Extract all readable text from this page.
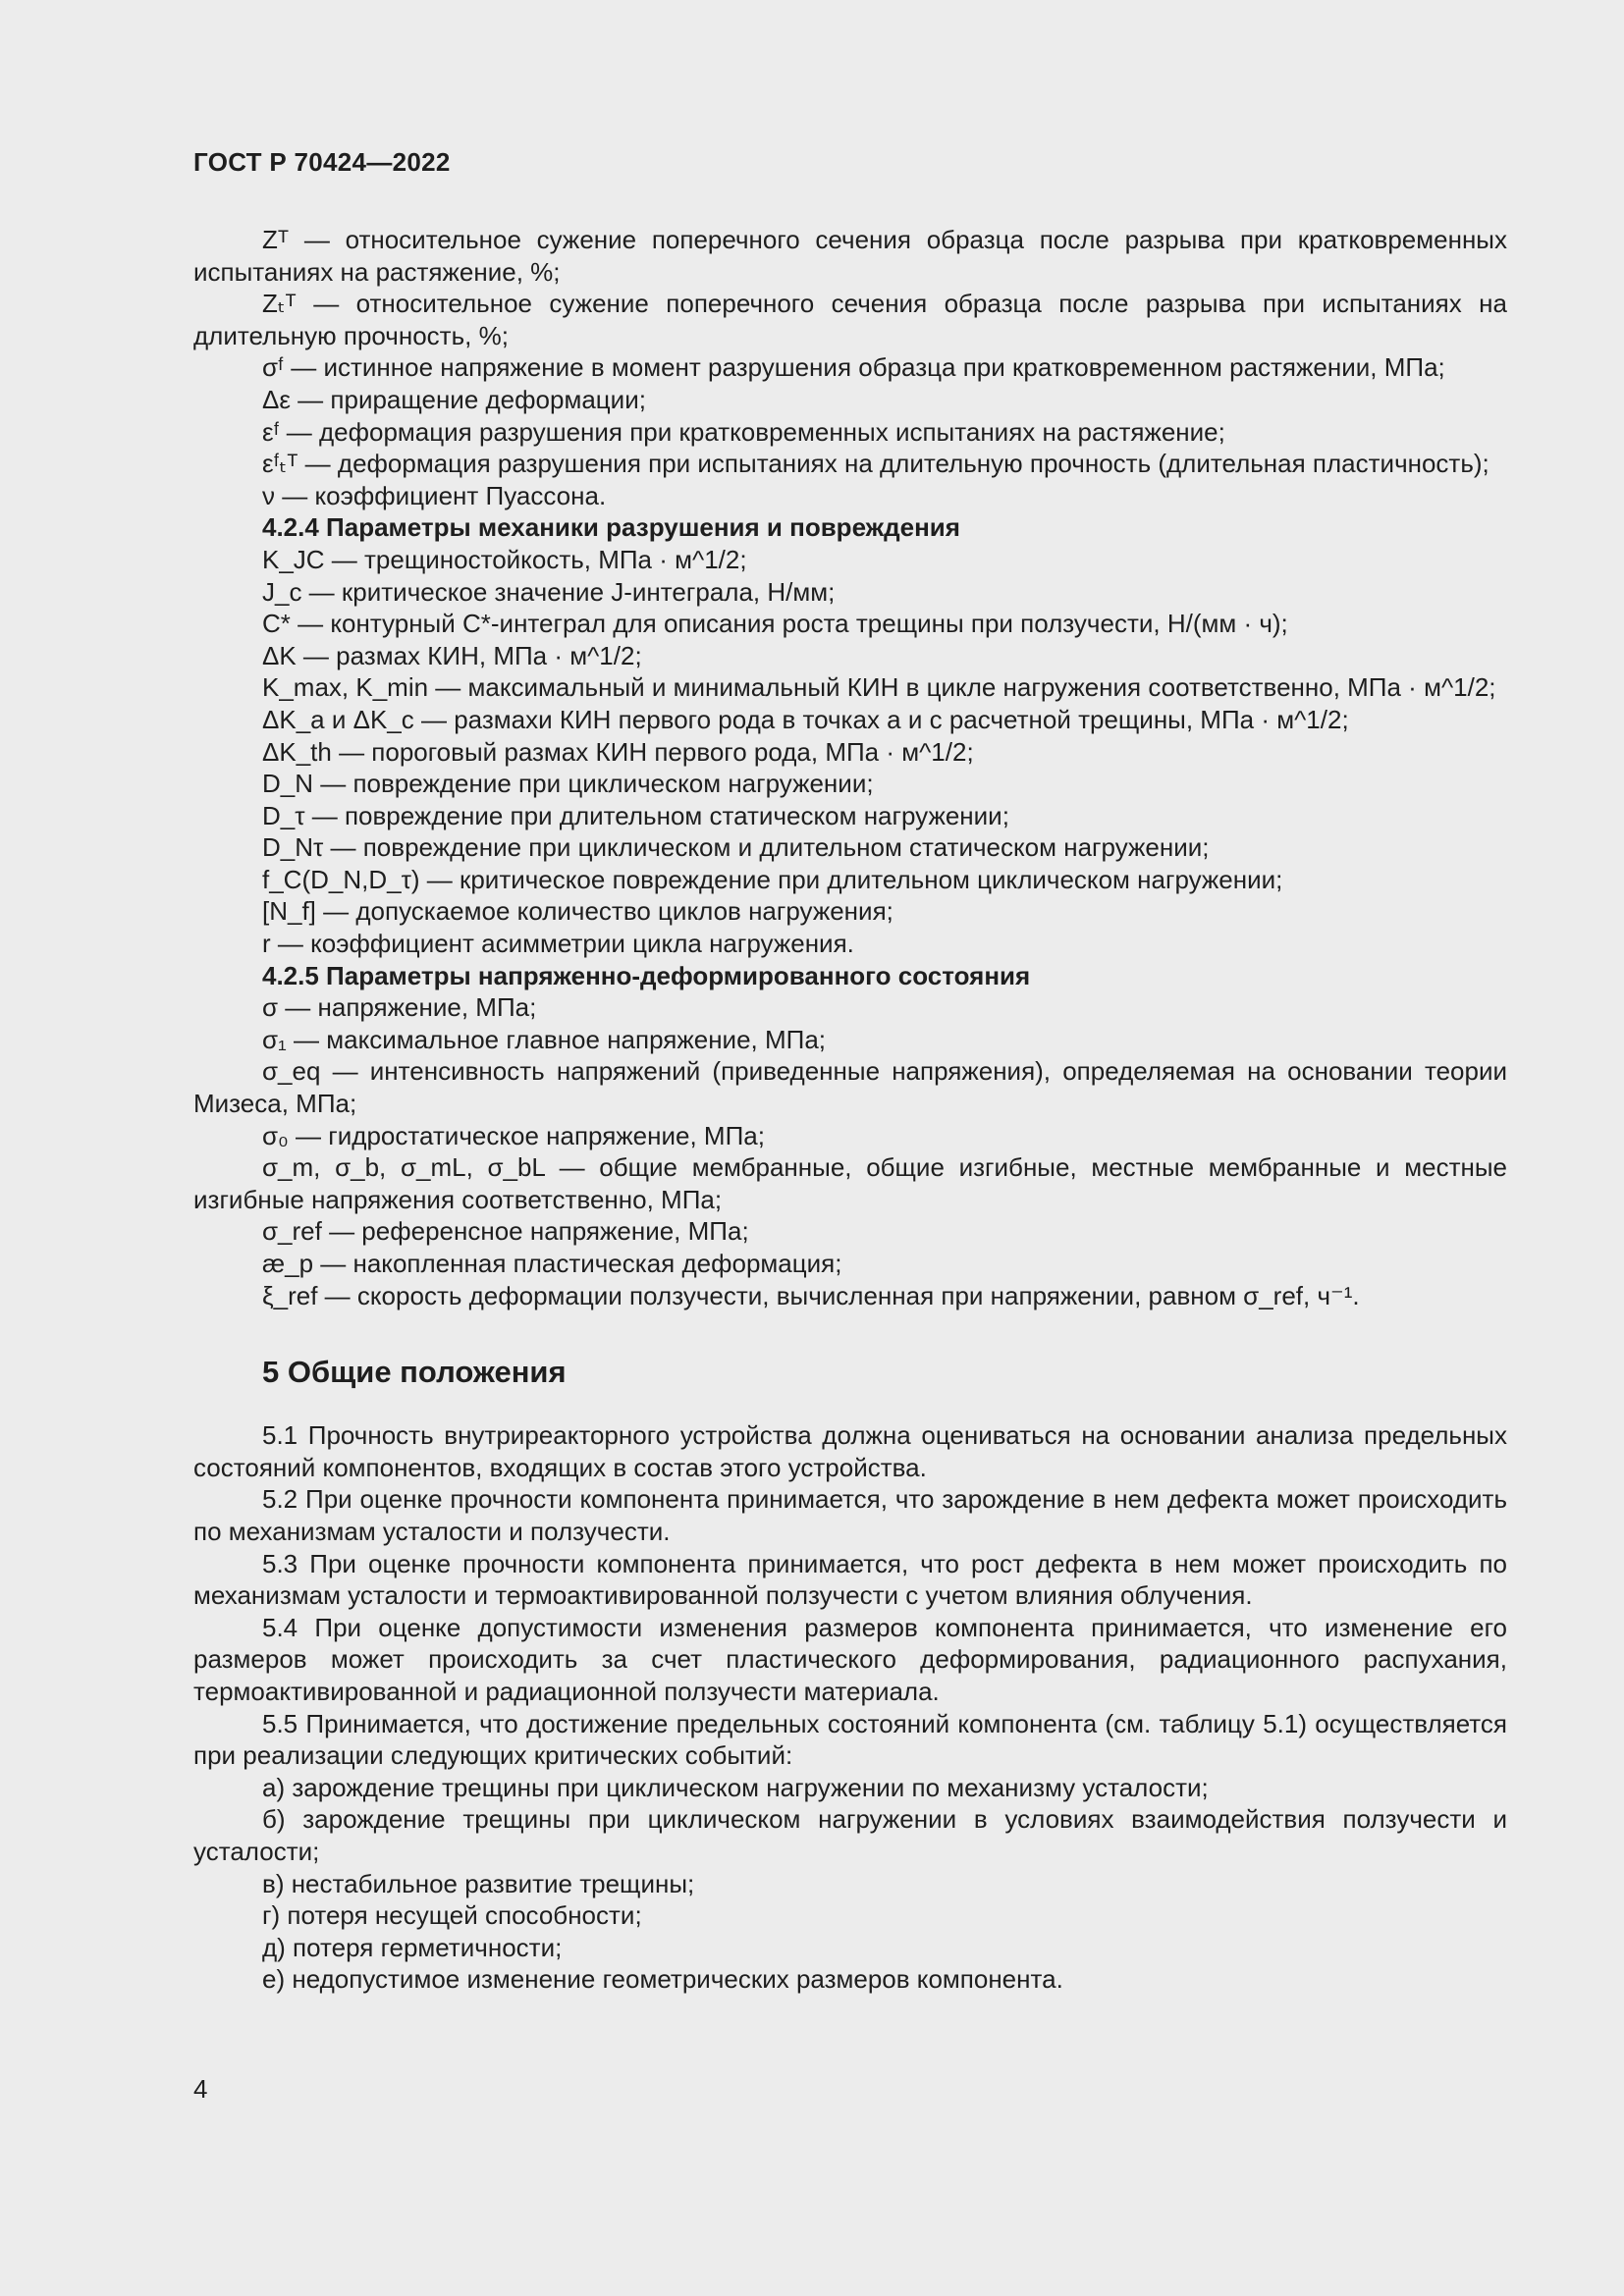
ГОСТ Р 70424—2022

Zᵀ — относительное сужение поперечного сечения образца после разрыва при кратковременных испытаниях на растяжение, %;

Zₜᵀ — относительное сужение поперечного сечения образца после разрыва при испытаниях на длительную прочность, %;

σᶠ — истинное напряжение в момент разрушения образца при кратковременном растяжении, МПа;

Δε — приращение деформации;

εᶠ — деформация разрушения при кратковременных испытаниях на растяжение;

εᶠₜᵀ — деформация разрушения при испытаниях на длительную прочность (длительная пластичность);

ν — коэффициент Пуассона.

4.2.4 Параметры механики разрушения и повреждения

K_JC — трещиностойкость, МПа · м^1/2;

J_c — критическое значение J-интеграла, Н/мм;

C* — контурный C*-интеграл для описания роста трещины при ползучести, Н/(мм · ч);

ΔK — размах КИН, МПа · м^1/2;

K_max, K_min — максимальный и минимальный КИН в цикле нагружения соответственно, МПа · м^1/2;

ΔK_a и ΔK_c — размахи КИН первого рода в точках a и c расчетной трещины, МПа · м^1/2;

ΔK_th — пороговый размах КИН первого рода, МПа · м^1/2;

D_N — повреждение при циклическом нагружении;

D_τ — повреждение при длительном статическом нагружении;

D_Nτ — повреждение при циклическом и длительном статическом нагружении;

f_C(D_N,D_τ) — критическое повреждение при длительном циклическом нагружении;

[N_f] — допускаемое количество циклов нагружения;

r — коэффициент асимметрии цикла нагружения.

4.2.5 Параметры напряженно-деформированного состояния

σ — напряжение, МПа;

σ₁ — максимальное главное напряжение, МПа;

σ_eq — интенсивность напряжений (приведенные напряжения), определяемая на основании теории Мизеса, МПа;

σ₀ — гидростатическое напряжение, МПа;

σ_m, σ_b, σ_mL, σ_bL — общие мембранные, общие изгибные, местные мембранные и местные изгибные напряжения соответственно, МПа;

σ_ref — референсное напряжение, МПа;

æ_p — накопленная пластическая деформация;

ξ_ref — скорость деформации ползучести, вычисленная при напряжении, равном σ_ref, ч⁻¹.

5 Общие положения

5.1 Прочность внутриреакторного устройства должна оцениваться на основании анализа предельных состояний компонентов, входящих в состав этого устройства.

5.2 При оценке прочности компонента принимается, что зарождение в нем дефекта может происходить по механизмам усталости и ползучести.

5.3 При оценке прочности компонента принимается, что рост дефекта в нем может происходить по механизмам усталости и термоактивированной ползучести с учетом влияния облучения.

5.4 При оценке допустимости изменения размеров компонента принимается, что изменение его размеров может происходить за счет пластического деформирования, радиационного распухания, термоактивированной и радиационной ползучести материала.

5.5 Принимается, что достижение предельных состояний компонента (см. таблицу 5.1) осуществляется при реализации следующих критических событий:

а) зарождение трещины при циклическом нагружении по механизму усталости;

б) зарождение трещины при циклическом нагружении в условиях взаимодействия ползучести и усталости;

в) нестабильное развитие трещины;

г) потеря несущей способности;

д) потеря герметичности;

е) недопустимое изменение геометрических размеров компонента.

4
